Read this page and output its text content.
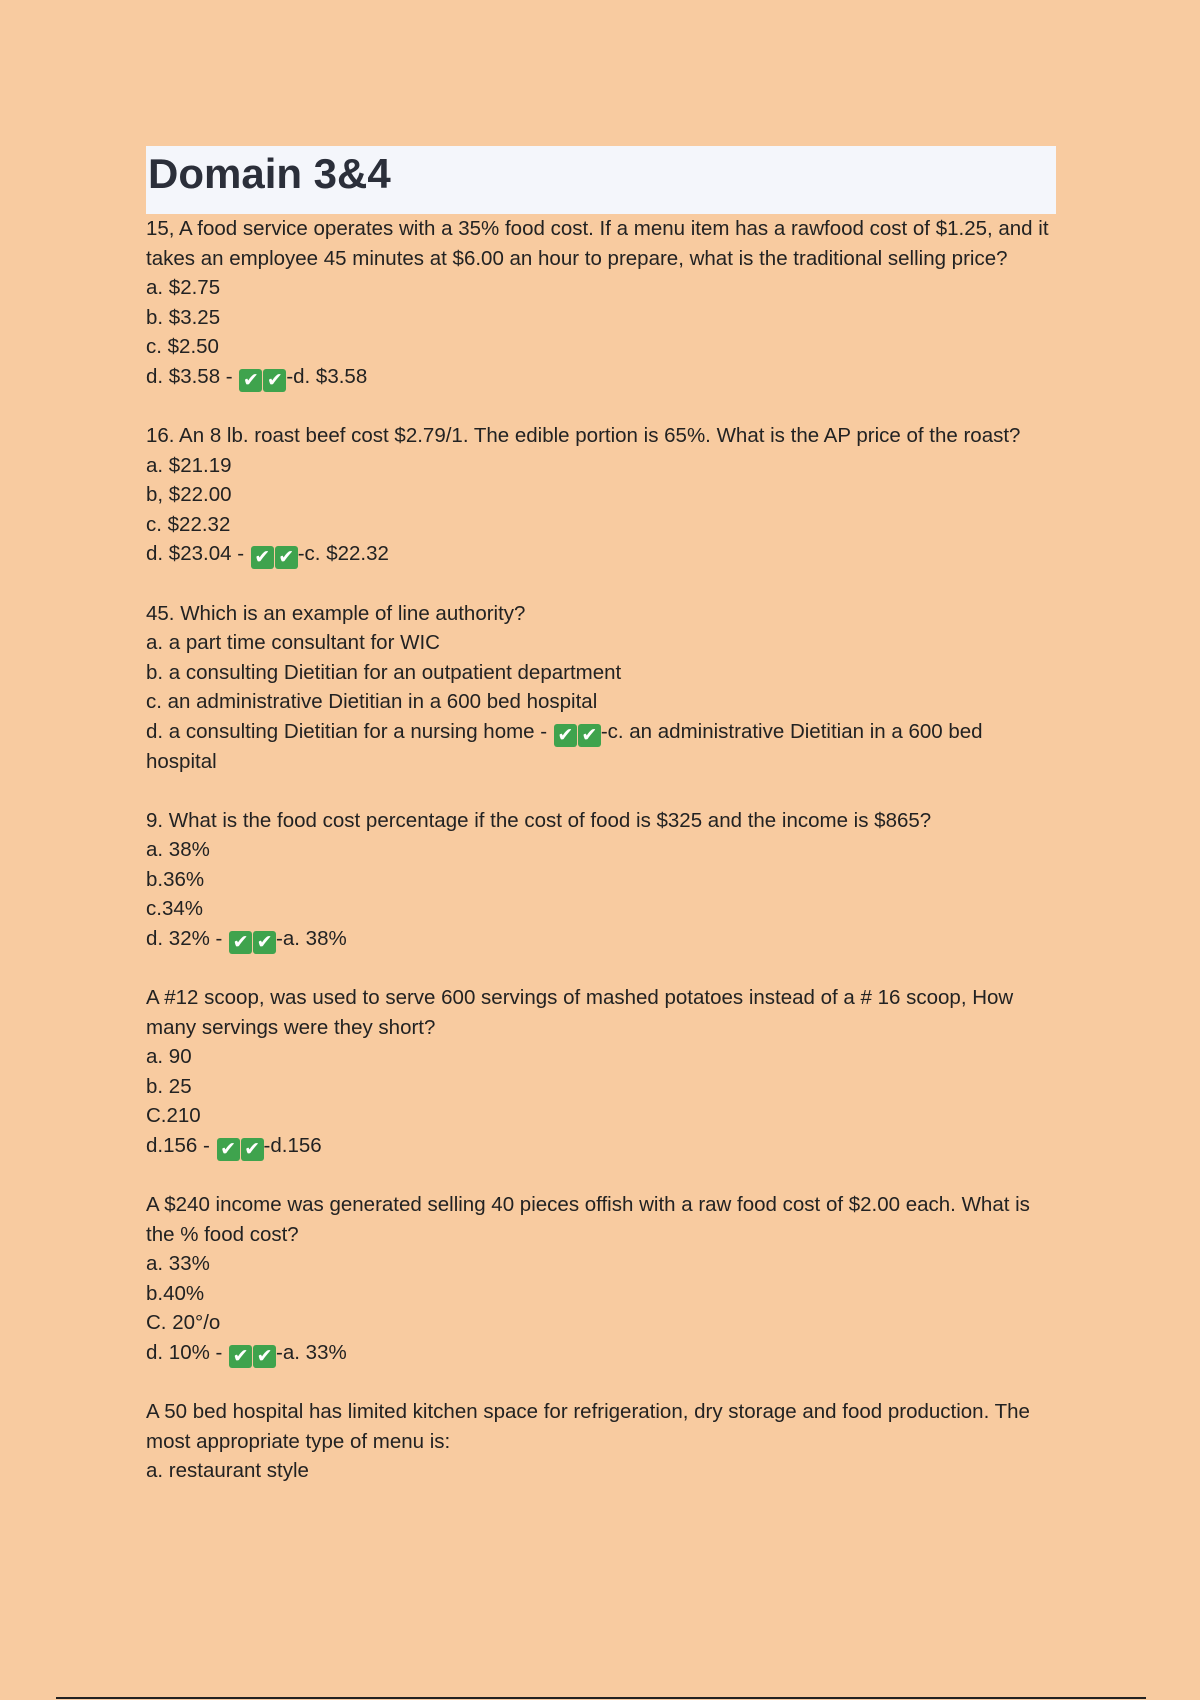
Domain 3&4
15, A food service operates with a 35% food cost. If a menu item has a rawfood cost of $1.25, and it takes an employee 45 minutes at $6.00 an hour to prepare, what is the traditional selling price?
a. $2.75
b. $3.25
c. $2.50
d. $3.58 - ✔ ✔ -d. $3.58
16. An 8 lb. roast beef cost $2.79/1. The edible portion is 65%. What is the AP price of the roast?
a. $21.19
b, $22.00
c. $22.32
d. $23.04 - ✔ ✔ -c. $22.32
45. Which is an example of line authority?
a. a part time consultant for WIC
b. a consulting Dietitian for an outpatient department
c. an administrative Dietitian in a 600 bed hospital
d. a consulting Dietitian for a nursing home - ✔ ✔ -c. an administrative Dietitian in a 600 bed hospital
9. What is the food cost percentage if the cost of food is $325 and the income is $865?
a. 38%
b.36%
c.34%
d. 32% - ✔ ✔ -a. 38%
A #12 scoop, was used to serve 600 servings of mashed potatoes instead of a # 16 scoop, How many servings were they short?
a. 90
b. 25
C.210
d.156 - ✔ ✔ -d.156
A $240 income was generated selling 40 pieces offish with a raw food cost of $2.00 each. What is the % food cost?
a. 33%
b.40%
C. 20°/o
d. 10% - ✔ ✔ -a. 33%
A 50 bed hospital has limited kitchen space for refrigeration, dry storage and food production. The most appropriate type of menu is:
a. restaurant style
